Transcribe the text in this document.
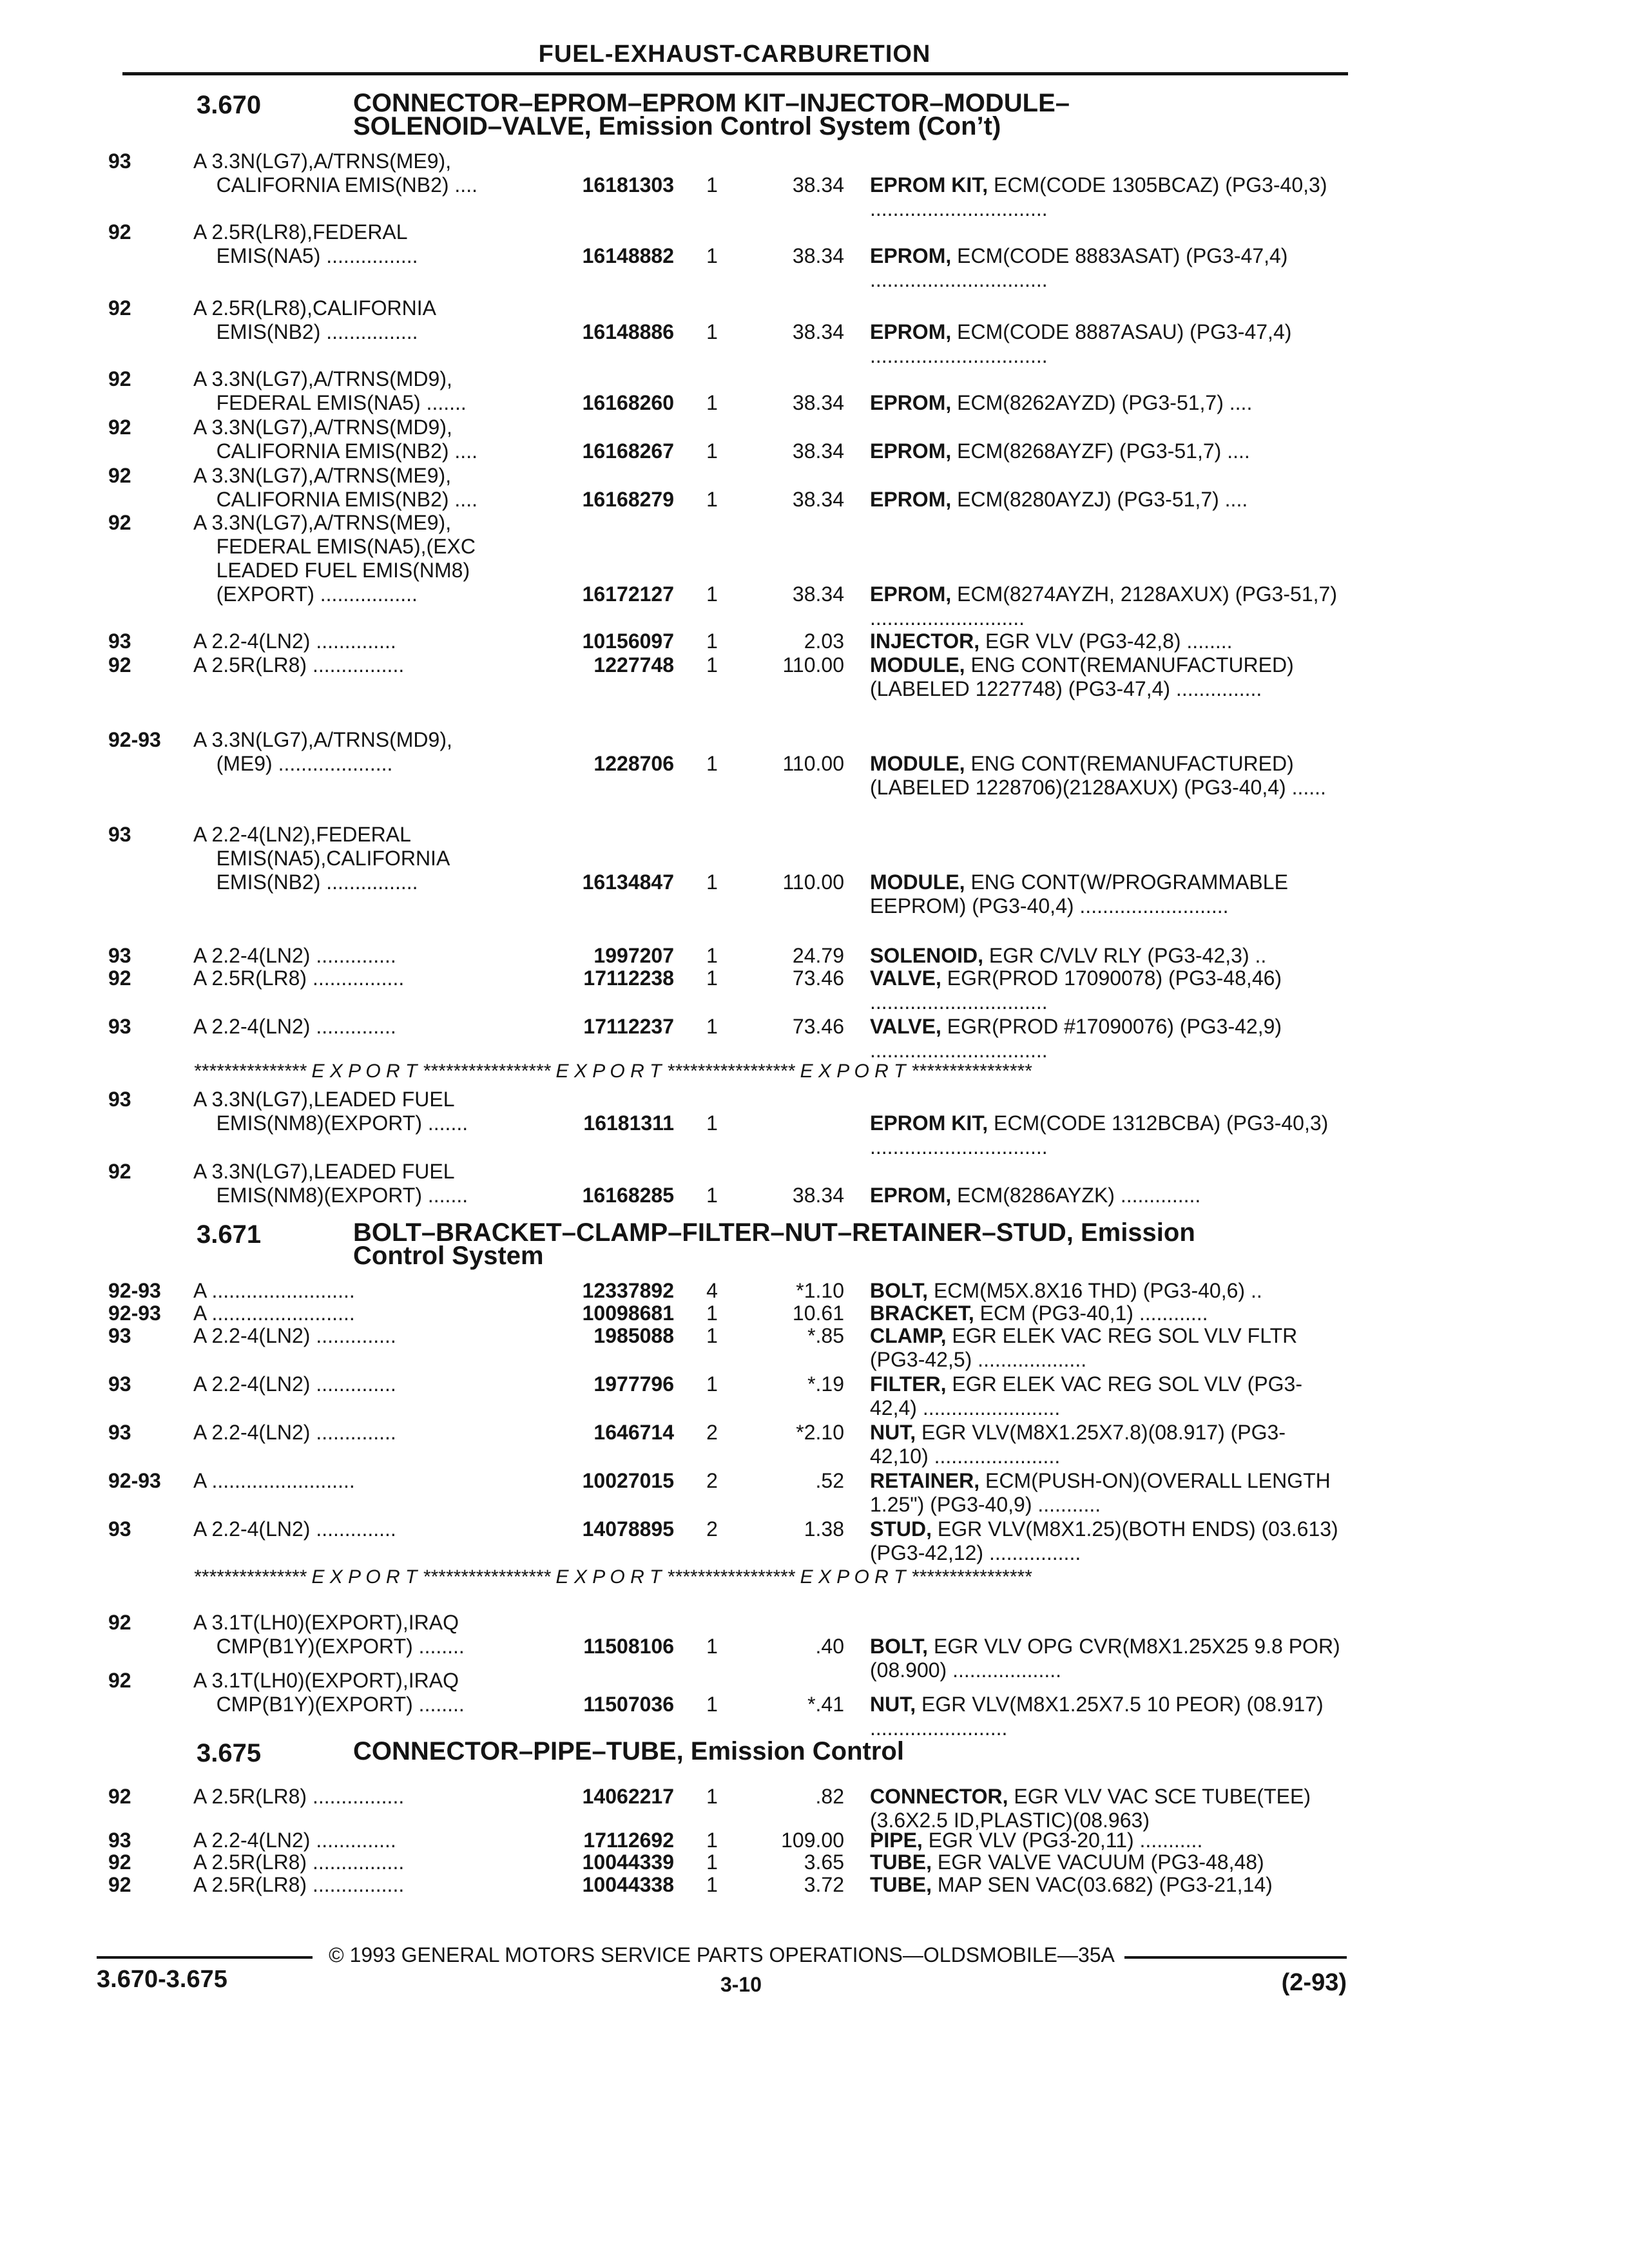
FUEL-EXHAUST-CARBURETION
3.670	CONNECTOR–EPROM–EPROM KIT–INJECTOR–MODULE–
SOLENOID–VALVE, Emission Control System (Con’t)
93	A 3.3N(LG7),A/TRNS(ME9),
CALIFORNIA EMIS(NB2) ....	16181303	1	38.34 EPROM KIT, ECM(CODE 1305BCAZ) (PG3-40,3) ...............................
92	A 2.5R(LR8),FEDERAL
EMIS(NA5) ................	16148882	1	38.34 EPROM, ECM(CODE 8883ASAT) (PG3-47,4) ...............................
92	A 2.5R(LR8),CALIFORNIA
EMIS(NB2) ................	16148886	1	38.34 EPROM, ECM(CODE 8887ASAU) (PG3-47,4) ...............................
92	A 3.3N(LG7),A/TRNS(MD9),
FEDERAL EMIS(NA5) .......	16168260	1	38.34 EPROM, ECM(8262AYZD) (PG3-51,7) ....
92	A 3.3N(LG7),A/TRNS(MD9),
CALIFORNIA EMIS(NB2) ....	16168267	1	38.34 EPROM, ECM(8268AYZF) (PG3-51,7) ....
92	A 3.3N(LG7),A/TRNS(ME9),
CALIFORNIA EMIS(NB2) ....	16168279	1	38.34 EPROM, ECM(8280AYZJ) (PG3-51,7) ....
92	A 3.3N(LG7),A/TRNS(ME9),
FEDERAL EMIS(NA5),(EXC
LEADED FUEL EMIS(NM8)
(EXPORT) .................	16172127	1	38.34 EPROM, ECM(8274AYZH, 2128AXUX) (PG3-51,7) ...........................
93	A 2.2-4(LN2) ..............	10156097	1	2.03 INJECTOR, EGR VLV (PG3-42,8) ........
92	A 2.5R(LR8) ................	1227748	1	110.00 MODULE, ENG CONT(REMANUFACTURED)(LABELED 1227748) (PG3-47,4) ...............
92-93	A 3.3N(LG7),A/TRNS(MD9),
(ME9) ....................	1228706	1	110.00 MODULE, ENG CONT(REMANUFACTURED)(LABELED 1228706)(2128AXUX) (PG3-40,4) ......
93	A 2.2-4(LN2),FEDERAL
EMIS(NA5),CALIFORNIA
EMIS(NB2) ................	16134847	1	110.00 MODULE, ENG CONT(W/PROGRAMMABLE EEPROM) (PG3-40,4) ..........................
93	A 2.2-4(LN2) ..............	1997207	1	24.79 SOLENOID, EGR C/VLV RLY (PG3-42,3) ..
92	A 2.5R(LR8) ................	17112238	1	73.46 VALVE, EGR(PROD 17090078) (PG3-48,46) ...............................
93	A 2.2-4(LN2) ..............	17112237	1	73.46 VALVE, EGR(PROD #17090076) (PG3-42,9) ...............................
93	A 3.3N(LG7),LEADED FUEL
EMIS(NM8)(EXPORT) .......	16181311	1	EPROM KIT, ECM(CODE 1312BCBA) (PG3-40,3) ...............................
92	A 3.3N(LG7),LEADED FUEL
EMIS(NM8)(EXPORT) .......	16168285	1	38.34 EPROM, ECM(8286AYZK) ..............
3.671	BOLT–BRACKET–CLAMP–FILTER–NUT–RETAINER–STUD, Emission
Control System
92-93	A .........................	12337892	4	*1.10 BOLT, ECM(M5X.8X16 THD) (PG3-40,6) ..
92-93	A .........................	10098681	1	10.61 BRACKET, ECM (PG3-40,1) ............
93	A 2.2-4(LN2) ..............	1985088	1	*.85 CLAMP, EGR ELEK VAC REG SOL VLV FLTR (PG3-42,5) ...................
93	A 2.2-4(LN2) ..............	1977796	1	*.19 FILTER, EGR ELEK VAC REG SOL VLV (PG3-42,4) ........................
93	A 2.2-4(LN2) ..............	1646714	2	*2.10 NUT, EGR VLV(M8X1.25X7.8)(08.917) (PG3-42,10) ......................
92-93	A .........................	10027015	2	.52 RETAINER, ECM(PUSH-ON)(OVERALL LENGTH 1.25") (PG3-40,9) ...........
93	A 2.2-4(LN2) ..............	14078895	2	1.38 STUD, EGR VLV(M8X1.25)(BOTH ENDS) (03.613) (PG3-42,12) ................
92	A 3.1T(LH0)(EXPORT),IRAQ
CMP(B1Y)(EXPORT) ........	11508106	1	.40 BOLT, EGR VLV OPG CVR(M8X1.25X25 9.8 POR)(08.900) ...................
92	A 3.1T(LH0)(EXPORT),IRAQ
CMP(B1Y)(EXPORT) ........	11507036	1	*.41 NUT, EGR VLV(M8X1.25X7.5 10 PEOR) (08.917) ........................
3.675	CONNECTOR–PIPE–TUBE, Emission Control
92	A 2.5R(LR8) ................	14062217	1	.82 CONNECTOR, EGR VLV VAC SCE TUBE(TEE)(3.6X2.5 ID,PLASTIC)(08.963)
93	A 2.2-4(LN2) ..............	17112692	1	109.00 PIPE, EGR VLV (PG3-20,11) ...........
92	A 2.5R(LR8) ................	10044339	1	3.65 TUBE, EGR VALVE VACUUM (PG3-48,48)
92	A 2.5R(LR8) ................	10044338	1	3.72 TUBE, MAP SEN VAC(03.682) (PG3-21,14)
*************** E X P O R T ***************** E X P O R T ***************** E X P O R T ****************
*************** E X P O R T ***************** E X P O R T ***************** E X P O R T ****************
© 1993 GENERAL MOTORS SERVICE PARTS OPERATIONS—OLDSMOBILE—35A
3.670-3.675	3-10	(2-93)
